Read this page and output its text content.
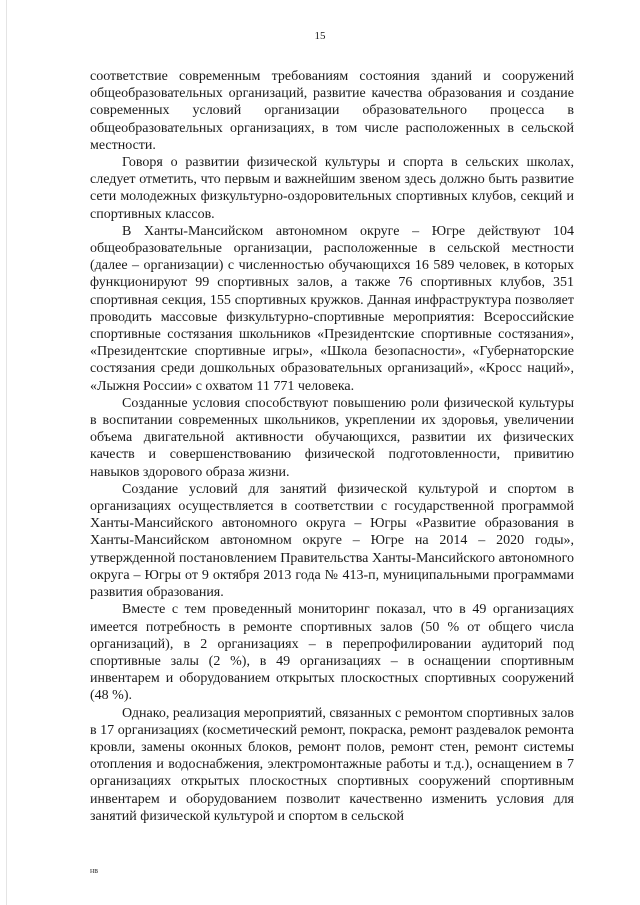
15

соответствие современным требованиям состояния зданий и сооружений общеобразовательных организаций, развитие качества образования и создание современных условий организации образовательного процесса в общеобразовательных организациях, в том числе расположенных в сельской местности.

Говоря о развитии физической культуры и спорта в сельских школах, следует отметить, что первым и важнейшим звеном здесь должно быть развитие сети молодежных физкультурно-оздоровительных спортивных клубов, секций и спортивных классов.

В Ханты-Мансийском автономном округе – Югре действуют 104 общеобразовательные организации, расположенные в сельской местности (далее – организации) с численностью обучающихся 16 589 человек, в которых функционируют 99 спортивных залов, а также 76 спортивных клубов, 351 спортивная секция, 155 спортивных кружков. Данная инфраструктура позволяет проводить массовые физкультурно-спортивные мероприятия: Всероссийские спортивные состязания школьников «Президентские спортивные состязания», «Президентские спортивные игры», «Школа безопасности», «Губернаторские состязания среди дошкольных образовательных организаций», «Кросс наций», «Лыжня России» с охватом 11 771 человека.

Созданные условия способствуют повышению роли физической культуры в воспитании современных школьников, укреплении их здоровья, увеличении объема двигательной активности обучающихся, развитии их физических качеств и совершенствованию физической подготовленности, привитию навыков здорового образа жизни.

Создание условий для занятий физической культурой и спортом в организациях осуществляется в соответствии с государственной программой Ханты-Мансийского автономного округа – Югры «Развитие образования в Ханты-Мансийском автономном округе – Югре на 2014 – 2020 годы», утвержденной постановлением Правительства Ханты-Мансийского автономного округа – Югры от 9 октября 2013 года № 413-п, муниципальными программами развития образования.

Вместе с тем проведенный мониторинг показал, что в 49 организациях имеется потребность в ремонте спортивных залов (50 % от общего числа организаций), в 2 организациях – в перепрофилировании аудиторий под спортивные залы (2 %), в 49 организациях – в оснащении спортивным инвентарем и оборудованием открытых плоскостных спортивных сооружений (48 %).

Однако, реализация мероприятий, связанных с ремонтом спортивных залов в 17 организациях (косметический ремонт, покраска, ремонт раздевалок ремонта кровли, замены оконных блоков, ремонт полов, ремонт стен, ремонт системы отопления и водоснабжения, электромонтажные работы и т.д.), оснащением в 7 организациях открытых плоскостных спортивных сооружений спортивным инвентарем и оборудованием позволит качественно изменить условия для занятий физической культурой и спортом в сельской

нв
